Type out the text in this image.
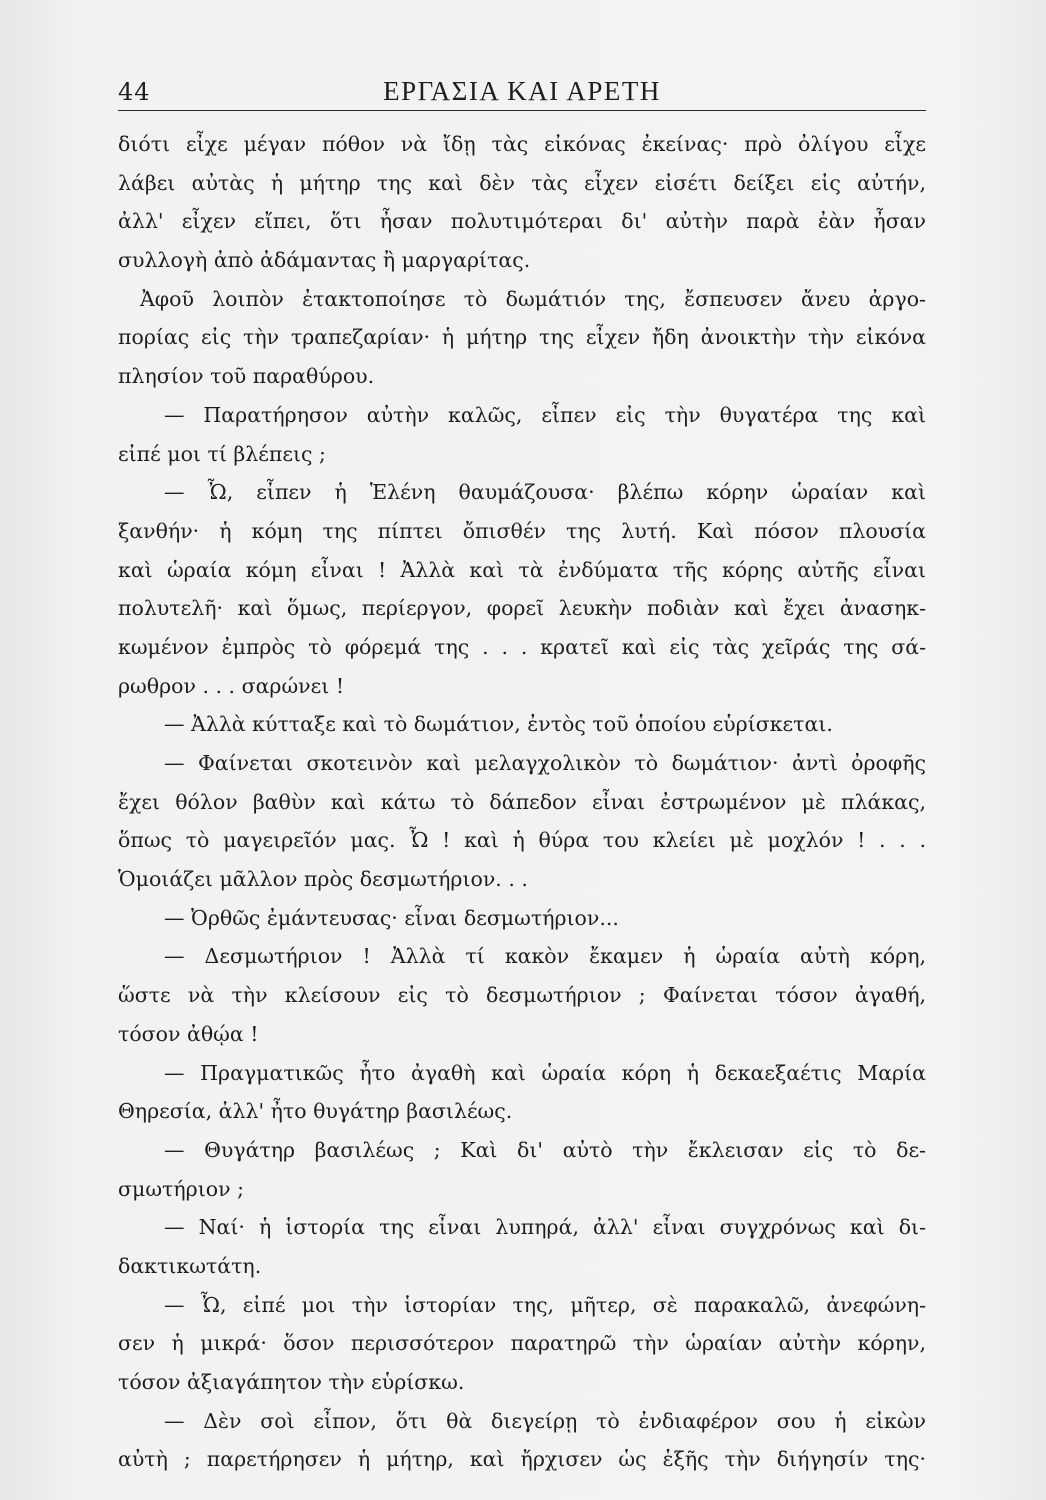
44	ΕΡΓΑΣΙΑ ΚΑΙ ΑΡΕΤΗ
διότι εἶχε μέγαν πόθον νὰ ἴδῃ τὰς εἰκόνας ἐκείνας· πρὸ ὀλίγου εἶχε
λάβει αὐτὰς ἡ μήτηρ της καὶ δὲν τὰς εἶχεν εἰσέτι δείξει εἰς αὐτήν,
ἀλλ' εἶχεν εἴπει, ὅτι ἦσαν πολυτιμότεραι δι' αὐτὴν παρὰ ἐὰν ἦσαν
συλλογὴ ἀπὸ ἀδάμαντας ἢ μαργαρίτας.
Ἀφοῦ λοιπὸν ἐτακτοποίησε τὸ δωμάτιόν της, ἔσπευσεν ἄνευ ἀργο-
πορίας εἰς τὴν τραπεζαρίαν· ἡ μήτηρ της εἶχεν ἤδη ἀνοικτὴν τὴν εἰκόνα
πλησίον τοῦ παραθύρου.
— Παρατήρησον αὐτὴν καλῶς, εἶπεν εἰς τὴν θυγατέρα της καὶ
εἰπέ μοι τί βλέπεις ;
— Ὦ, εἶπεν ἡ Ἑλένη θαυμάζουσα· βλέπω κόρην ὡραίαν καὶ
ξανθήν· ἡ κόμη της πίπτει ὄπισθέν της λυτή. Καὶ πόσον πλουσία
καὶ ὡραία κόμη εἶναι ! Ἀλλὰ καὶ τὰ ἐνδύματα τῆς κόρης αὐτῆς εἶναι
πολυτελῆ· καὶ ὅμως, περίεργον, φορεῖ λευκὴν ποδιὰν καὶ ἔχει ἀνασηκ-
κωμένον ἐμπρὸς τὸ φόρεμά της . . . κρατεῖ καὶ εἰς τὰς χεῖράς της σά-
ρωθρον . . . σαρώνει !
— Ἀλλὰ κύτταξε καὶ τὸ δωμάτιον, ἐντὸς τοῦ ὁποίου εὑρίσκεται.
— Φαίνεται σκοτεινὸν καὶ μελαγχολικὸν τὸ δωμάτιον· ἀντὶ ὀροφῆς
ἔχει θόλον βαθὺν καὶ κάτω τὸ δάπεδον εἶναι ἐστρωμένον μὲ πλάκας,
ὅπως τὸ μαγειρεῖόν μας. Ὦ ! καὶ ἡ θύρα του κλείει μὲ μοχλόν ! . . .
Ὁμοιάζει μᾶλλον πρὸς δεσμωτήριον. . .
— Ὀρθῶς ἐμάντευσας· εἶναι δεσμωτήριον...
— Δεσμωτήριον ! Ἀλλὰ τί κακὸν ἔκαμεν ἡ ὡραία αὐτὴ κόρη,
ὥστε νὰ τὴν κλείσουν εἰς τὸ δεσμωτήριον ; Φαίνεται τόσον ἀγαθή,
τόσον ἀθῴα !
— Πραγματικῶς ἦτο ἀγαθὴ καὶ ὡραία κόρη ἡ δεκαεξαέτις Μαρία
Θηρεσία, ἀλλ' ἦτο θυγάτηρ βασιλέως.
— Θυγάτηρ βασιλέως ; Καὶ δι' αὐτὸ τὴν ἔκλεισαν εἰς τὸ δε-
σμωτήριον ;
— Ναί· ἡ ἱστορία της εἶναι λυπηρά, ἀλλ' εἶναι συγχρόνως καὶ δι-
δακτικωτάτη.
— Ὦ, εἰπέ μοι τὴν ἱστορίαν της, μῆτερ, σὲ παρακαλῶ, ἀνεφώνη-
σεν ἡ μικρά· ὅσον περισσότερον παρατηρῶ τὴν ὡραίαν αὐτὴν κόρην,
τόσον ἀξιαγάπητον τὴν εὑρίσκω.
— Δὲν σοὶ εἶπον, ὅτι θὰ διεγείρῃ τὸ ἐνδιαφέρον σου ἡ εἰκὼν
αὐτὴ ; παρετήρησεν ἡ μήτηρ, καὶ ἤρχισεν ὡς ἑξῆς τὴν διήγησίν της·
